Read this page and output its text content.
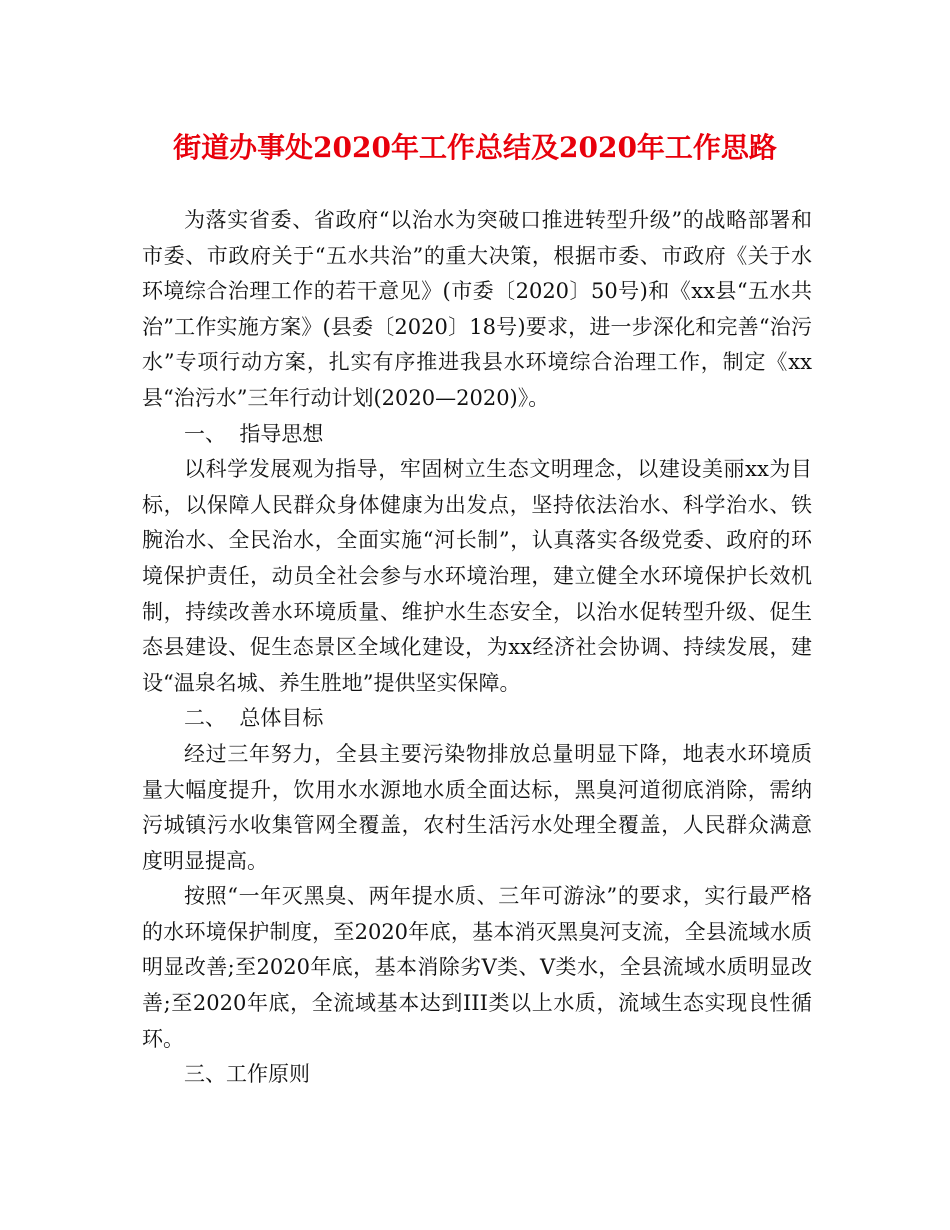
街道办事处2020年工作总结及2020年工作思路

为落实省委、省政府“以治水为突破口推进转型升级”的战略部署和市委、市政府关于“五水共治”的重大决策，根据市委、市政府《关于水环境综合治理工作的若干意见》(市委〔2020〕50号)和《xx县“五水共治”工作实施方案》(县委〔2020〕18号)要求，进一步深化和完善“治污水”专项行动方案，扎实有序推进我县水环境综合治理工作，制定《xx县“治污水”三年行动计划(2020—2020)》。

一、  指导思想

以科学发展观为指导，牢固树立生态文明理念，以建设美丽xx为目标，以保障人民群众身体健康为出发点，坚持依法治水、科学治水、铁腕治水、全民治水，全面实施“河长制”，认真落实各级党委、政府的环境保护责任，动员全社会参与水环境治理，建立健全水环境保护长效机制，持续改善水环境质量、维护水生态安全，以治水促转型升级、促生态县建设、促生态景区全域化建设，为xx经济社会协调、持续发展，建设“温泉名城、养生胜地”提供坚实保障。

二、  总体目标

经过三年努力，全县主要污染物排放总量明显下降，地表水环境质量大幅度提升，饮用水水源地水质全面达标，黑臭河道彻底消除，需纳污城镇污水收集管网全覆盖，农村生活污水处理全覆盖，人民群众满意度明显提高。

按照“一年灭黑臭、两年提水质、三年可游泳”的要求，实行最严格的水环境保护制度，至2020年底，基本消灭黑臭河支流，全县流域水质明显改善;至2020年底，基本消除劣Ⅴ类、Ⅴ类水，全县流域水质明显改善;至2020年底，全流域基本达到III类以上水质，流域生态实现良性循环。

三、工作原则
